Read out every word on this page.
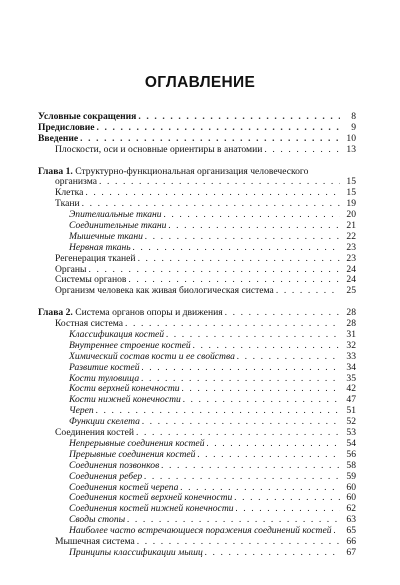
ОГЛАВЛЕНИЕ
Условные сокращения . . .	8
Предисловие . . .	9
Введение . . .	10
Плоскости, оси и основные ориентиры в анатомии . . .	13
Глава 1.
Структурно-функциональная организация человеческого
организма . . .	15
Клетка . . .	15
Ткани . . .	19
Эпителиальные ткани . . .	20
Соединительные ткани . . .	21
Мышечные ткани . . .	22
Нервная ткань . . .	23
Регенерация тканей . . .	23
Органы . . .	24
Системы органов . . .	24
Организм человека как живая биологическая система . . .	25
Глава 2.
Система органов опоры и движения . . .	28
Костная система . . .	28
Классификация костей . . .	31
Внутреннее строение костей . . .	32
Химический состав кости и ее свойства . . .	33
Развитие костей . . .	34
Кости туловища . . .	35
Кости верхней конечности . . .	42
Кости нижней конечности . . .	47
Череп . . .	51
Функции скелета . . .	52
Соединения костей . . .	53
Непрерывные соединения костей . . .	54
Прерывные соединения костей . . .	56
Соединения позвонков . . .	58
Соединения ребер . . .	59
Соединения костей черепа . . .	60
Соединения костей верхней конечности . . .	60
Соединения костей нижней конечности . . .	62
Своды стопы . . .	63
Наиболее часто встречающиеся поражения соединений костей . . .	65
Мышечная система . . .	66
Принципы классификации мышц . . .	67
